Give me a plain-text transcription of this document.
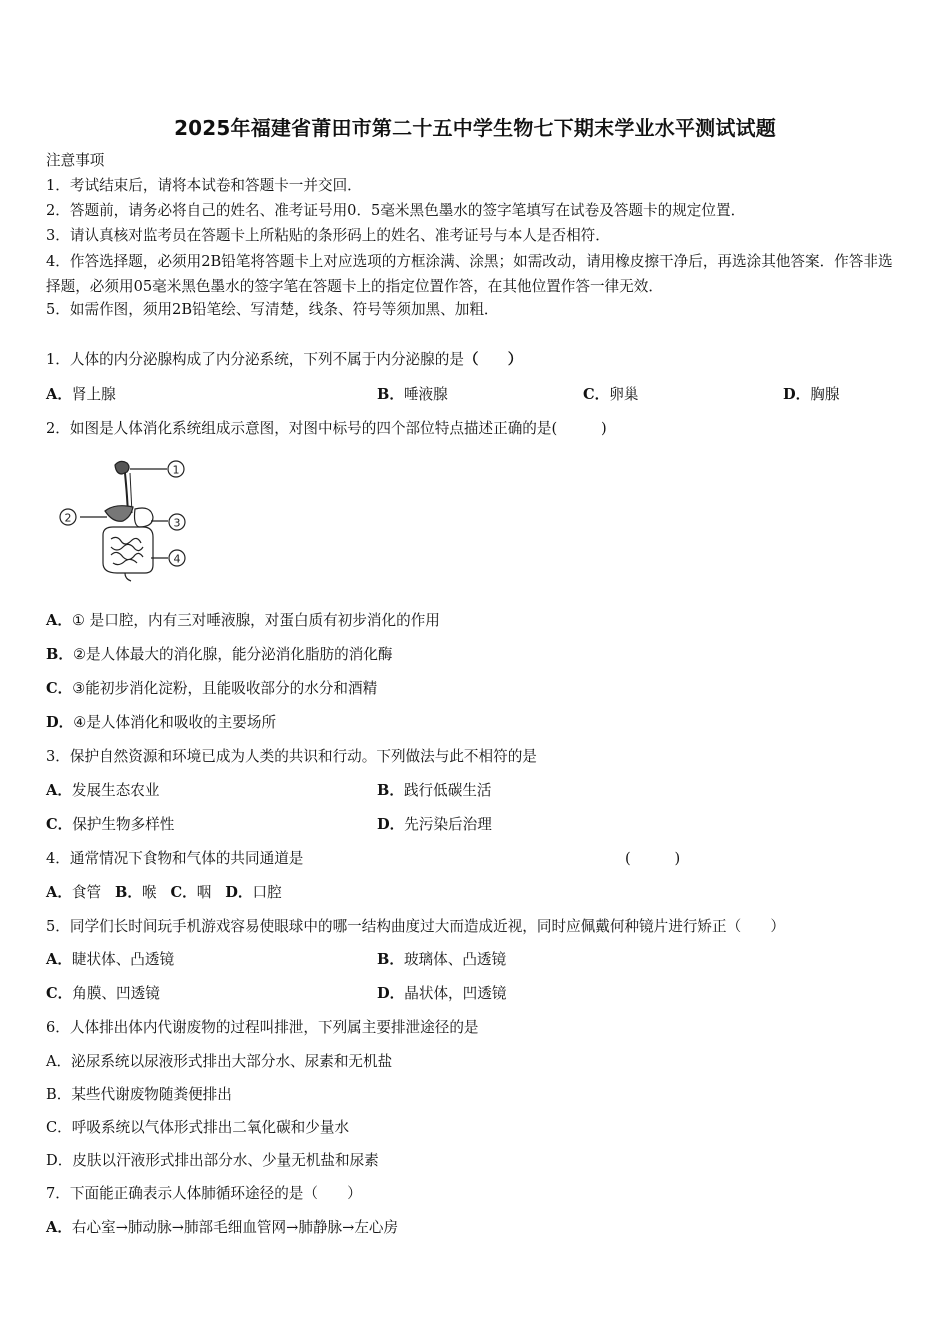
2025年福建省莆田市第二十五中学生物七下期末学业水平测试试题
注意事项
1．考试结束后，请将本试卷和答题卡一并交回．
2．答题前，请务必将自己的姓名、准考证号用0．5毫米黑色墨水的签字笔填写在试卷及答题卡的规定位置．
3．请认真核对监考员在答题卡上所粘贴的条形码上的姓名、准考证号与本人是否相符．
4．作答选择题，必须用2B铅笔将答题卡上对应选项的方框涂满、涂黑；如需改动，请用橡皮擦干净后，再选涂其他答案．作答非选择题，必须用05毫米黑色墨水的签字笔在答题卡上的指定位置作答，在其他位置作答一律无效．
5．如需作图，须用2B铅笔绘、写清楚，线条、符号等须加黑、加粗．
1．人体的内分泌腺构成了内分泌系统，下列不属于内分泌腺的是（　　）
A．肾上腺	B．唾液腺	C．卵巢	D．胸腺
2．如图是人体消化系统组成示意图，对图中标号的四个部位特点描述正确的是(　　　)
1
2	3
4
A．① 是口腔，内有三对唾液腺，对蛋白质有初步消化的作用
B．②是人体最大的消化腺，能分泌消化脂肪的消化酶
C．③能初步消化淀粉，且能吸收部分的水分和酒精
D．④是人体消化和吸收的主要场所
3．保护自然资源和环境已成为人类的共识和行动。下列做法与此不相符的是
A．发展生态农业	B．践行低碳生活
C．保护生物多样性	D．先污染后治理
4．通常情况下食物和气体的共同通道是	(　　　)
A．食管 B．喉 C．咽 D．口腔
5．同学们长时间玩手机游戏容易使眼球中的哪一结构曲度过大而造成近视，同时应佩戴何种镜片进行矫正（　　）
A．睫状体、凸透镜	B．玻璃体、凸透镜
C．角膜、凹透镜	D．晶状体，凹透镜
6．人体排出体内代谢废物的过程叫排泄，下列属主要排泄途径的是
A．泌尿系统以尿液形式排出大部分水、尿素和无机盐
B．某些代谢废物随粪便排出
C．呼吸系统以气体形式排出二氧化碳和少量水
D．皮肤以汗液形式排出部分水、少量无机盐和尿素
7．下面能正确表示人体肺循环途径的是（　　）
A．右心室→肺动脉→肺部毛细血管网→肺静脉→左心房
